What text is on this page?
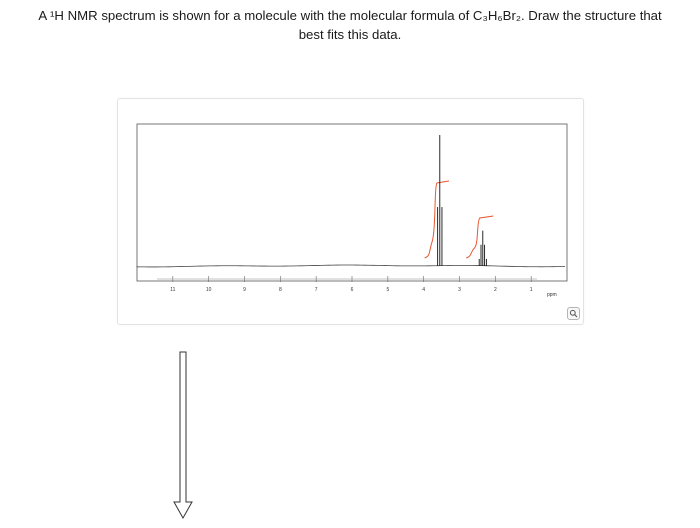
A ¹H NMR spectrum is shown for a molecule with the molecular formula of C₃H₆Br₂. Draw the structure that
best fits this data.
11	10	9	8	7	6	5	4	3	2	1
ppm
